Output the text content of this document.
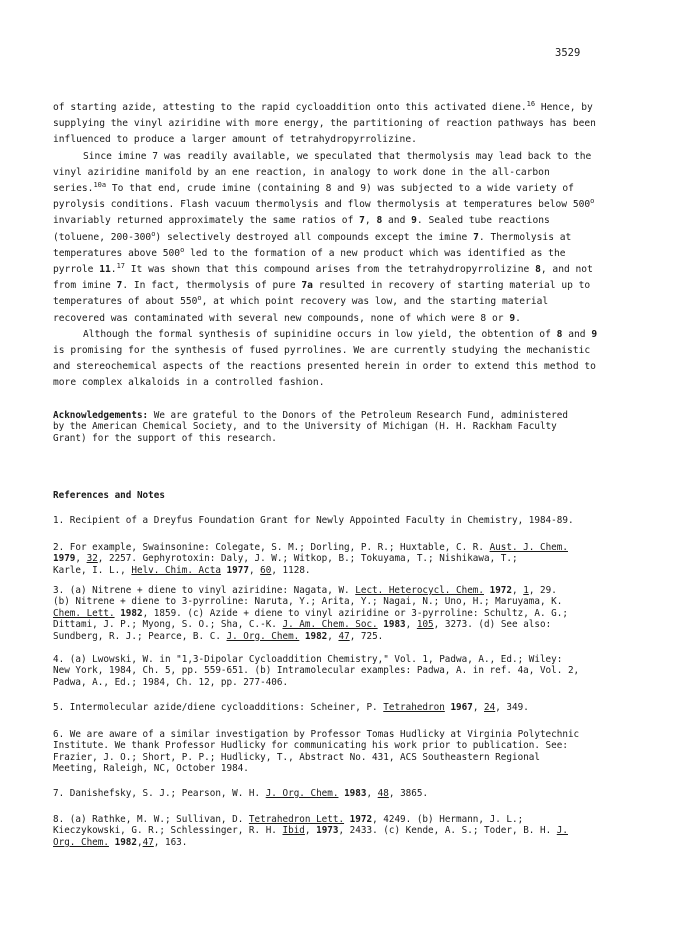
3529

of starting azide, attesting to the rapid cycloaddition onto this activated diene.$^{16}$ Hence, by

supplying the vinyl aziridine with more energy, the partitioning of reaction pathways has been

influenced to produce a larger amount of tetrahydropyrrolizine.

Since imine 7 was readily available, we speculated that thermolysis may lead back to the

vinyl aziridine manifold by an ene reaction, in analogy to work done in the all-carbon

series.$^{10a}$ To that end, crude imine (containing 8 and 9) was subjected to a wide variety of

pyrolysis conditions. Flash vacuum thermolysis and flow thermolysis at temperatures below 500$^o$

invariably returned approximately the same ratios of 7, 8 and 9. Sealed tube reactions

(toluene, 200-300$^o$) selectively destroyed all compounds except the imine 7. Thermolysis at

temperatures above 500$^o$ led to the formation of a new product which was identified as the

pyrrole 11.17 It was shown that this compound arises from the tetrahydropyrrolizine 8, and not

from imine 7. In fact, thermolysis of pure 7a resulted in recovery of starting material up to

temperatures of about 550$^o$, at which point recovery was low, and the starting material

recovered was contaminated with several new compounds, none of which were 8 or 9.

Although the formal synthesis of supinidine occurs in low yield, the obtention of 8 and 9

is promising for the synthesis of fused pyrrolines. We are currently studying the mechanistic

and stereochemical aspects of the reactions presented herein in order to extend this method to

more complex alkaloids in a controlled fashion.

Acknowledgements: We are grateful to the Donors of the Petroleum Research Fund, administered

by the American Chemical Society, and to the University of Michigan (H. H. Rackham Faculty

Grant) for the support of this research.

References and Notes

1. Recipient of a Dreyfus Foundation Grant for Newly Appointed Faculty in Chemistry, 1984-89.

2. For example, Swainsonine: Colegate, S. M.; Dorling, P. R.; Huxtable, C. R. Aust. J. Chem.

1979, 32, 2257. Gephyrotoxin: Daly, J. W.; Witkop, B.; Tokuyama, T.; Nishikawa, T.;

Karle, I. L., Helv. Chim. Acta 1977, 60, 1128.

3. (a) Nitrene + diene to vinyl aziridine: Nagata, W. Lect. Heterocycl. Chem. 1972, 1, 29.

(b) Nitrene + diene to 3-pyrroline: Naruta, Y.; Arita, Y.; Nagai, N.; Uno, H.; Maruyama, K.

Chem. Lett. 1982, 1859. (c) Azide + diene to vinyl aziridine or 3-pyrroline: Schultz, A. G.;

Dittami, J. P.; Myong, S. O.; Sha, C.-K. J. Am. Chem. Soc. 1983, 105, 3273. (d) See also:

Sundberg, R. J.; Pearce, B. C. J. Org. Chem. 1982, 47, 725.

4. (a) Lwowski, W. in "1,3-Dipolar Cycloaddition Chemistry," Vol. 1, Padwa, A., Ed.; Wiley:

New York, 1984, Ch. 5, pp. 559-651. (b) Intramolecular examples: Padwa, A. in ref. 4a, Vol. 2,

Padwa, A., Ed.; 1984, Ch. 12, pp. 277-406.

5. Intermolecular azide/diene cycloadditions: Scheiner, P. Tetrahedron 1967, 24, 349.

6. We are aware of a similar investigation by Professor Tomas Hudlicky at Virginia Polytechnic

Institute. We thank Professor Hudlicky for communicating his work prior to publication. See:

Frazier, J. O.; Short, P. P.; Hudlicky, T., Abstract No. 431, ACS Southeastern Regional

Meeting, Raleigh, NC, October 1984.

7. Danishefsky, S. J.; Pearson, W. H. J. Org. Chem. 1983, 48, 3865.

8. (a) Rathke, M. W.; Sullivan, D. Tetrahedron Lett. 1972, 4249. (b) Hermann, J. L.;

Kieczykowski, G. R.; Schlessinger, R. H. Ibid, 1973, 2433. (c) Kende, A. S.; Toder, B. H. J.

Org. Chem. 1982,47, 163.
